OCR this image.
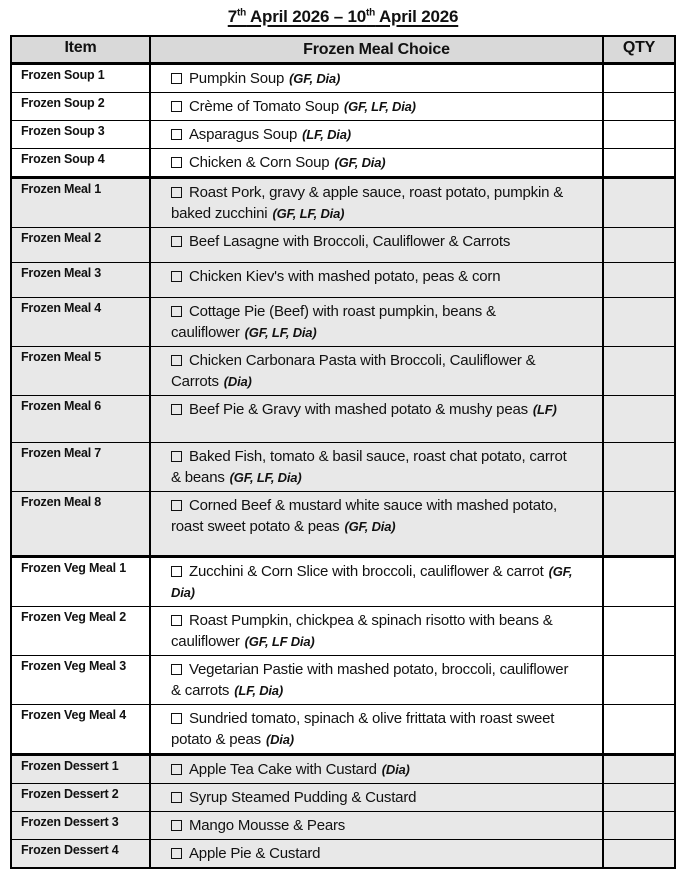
7th April 2026 – 10th April 2026
Item	Frozen Meal Choice	QTY
Frozen Soup 1	Pumpkin Soup (GF, Dia)
Frozen Soup 2	Crème of Tomato Soup (GF, LF, Dia)
Frozen Soup 3	Asparagus Soup (LF, Dia)
Frozen Soup 4	Chicken & Corn Soup (GF, Dia)
Frozen Meal 1	Roast Pork, gravy & apple sauce, roast potato, pumpkin & baked zucchini (GF, LF, Dia)
Frozen Meal 2	Beef Lasagne with Broccoli, Cauliflower & Carrots
Frozen Meal 3	Chicken Kiev's with mashed potato, peas & corn
Frozen Meal 4	Cottage Pie (Beef) with roast pumpkin, beans & cauliflower (GF, LF, Dia)
Frozen Meal 5	Chicken Carbonara Pasta with Broccoli, Cauliflower & Carrots (Dia)
Frozen Meal 6	Beef Pie & Gravy with mashed potato & mushy peas (LF)
Frozen Meal 7	Baked Fish, tomato & basil sauce, roast chat potato, carrot & beans (GF, LF, Dia)
Frozen Meal 8	Corned Beef & mustard white sauce with mashed potato, roast sweet potato & peas (GF, Dia)
Frozen Veg Meal 1	Zucchini & Corn Slice with broccoli, cauliflower & carrot (GF, Dia)
Frozen Veg Meal 2	Roast Pumpkin, chickpea & spinach risotto with beans & cauliflower (GF, LF Dia)
Frozen Veg Meal 3	Vegetarian Pastie with mashed potato, broccoli, cauliflower & carrots (LF, Dia)
Frozen Veg Meal 4	Sundried tomato, spinach & olive frittata with roast sweet potato & peas (Dia)
Frozen Dessert 1	Apple Tea Cake with Custard (Dia)
Frozen Dessert 2	Syrup Steamed Pudding & Custard
Frozen Dessert 3	Mango Mousse & Pears
Frozen Dessert 4	Apple Pie & Custard
